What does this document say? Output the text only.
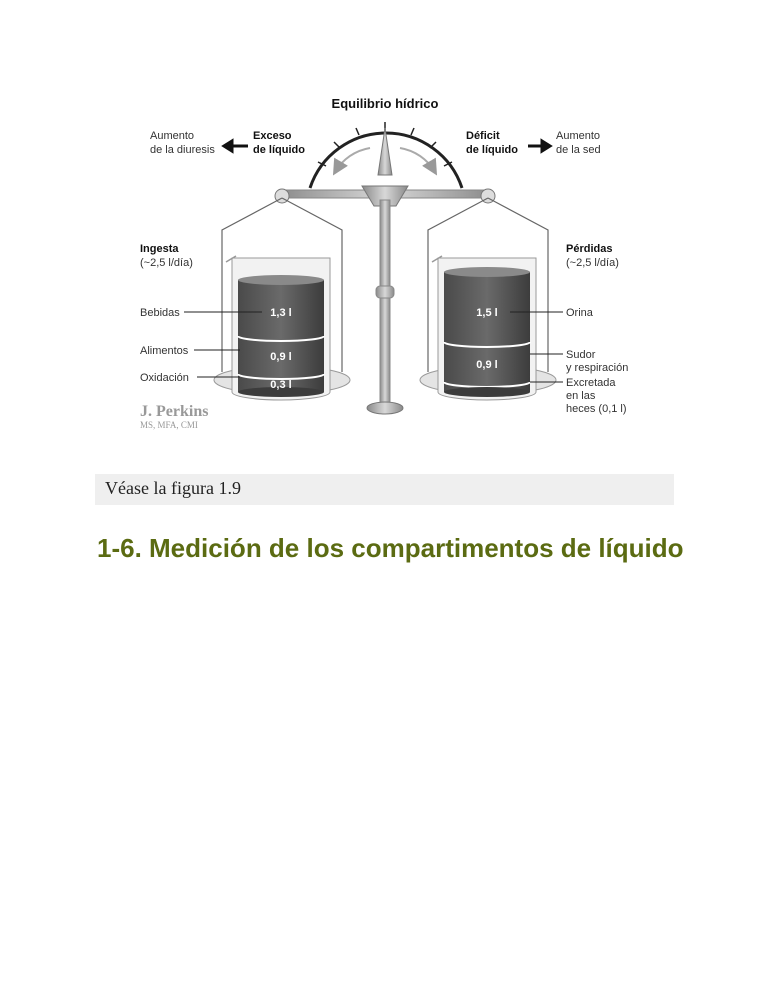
Equilibrio hídrico
Aumento de la diuresis
Exceso de líquido
Déficit de líquido
Aumento de la sed
1,3 l
0,9 l
0,3 l
1,5 l
0,9 l
Ingesta
(~2,5 l/día)
Bebidas
Alimentos
Oxidación
Pérdidas
(~2,5 l/día)
Orina
Sudor y respiración
Excretada en las heces (0,1 l)
J. Perkins
MS, MFA, CMI
Véase la figura 1.9
1-6. Medición de los compartimentos de líquido
